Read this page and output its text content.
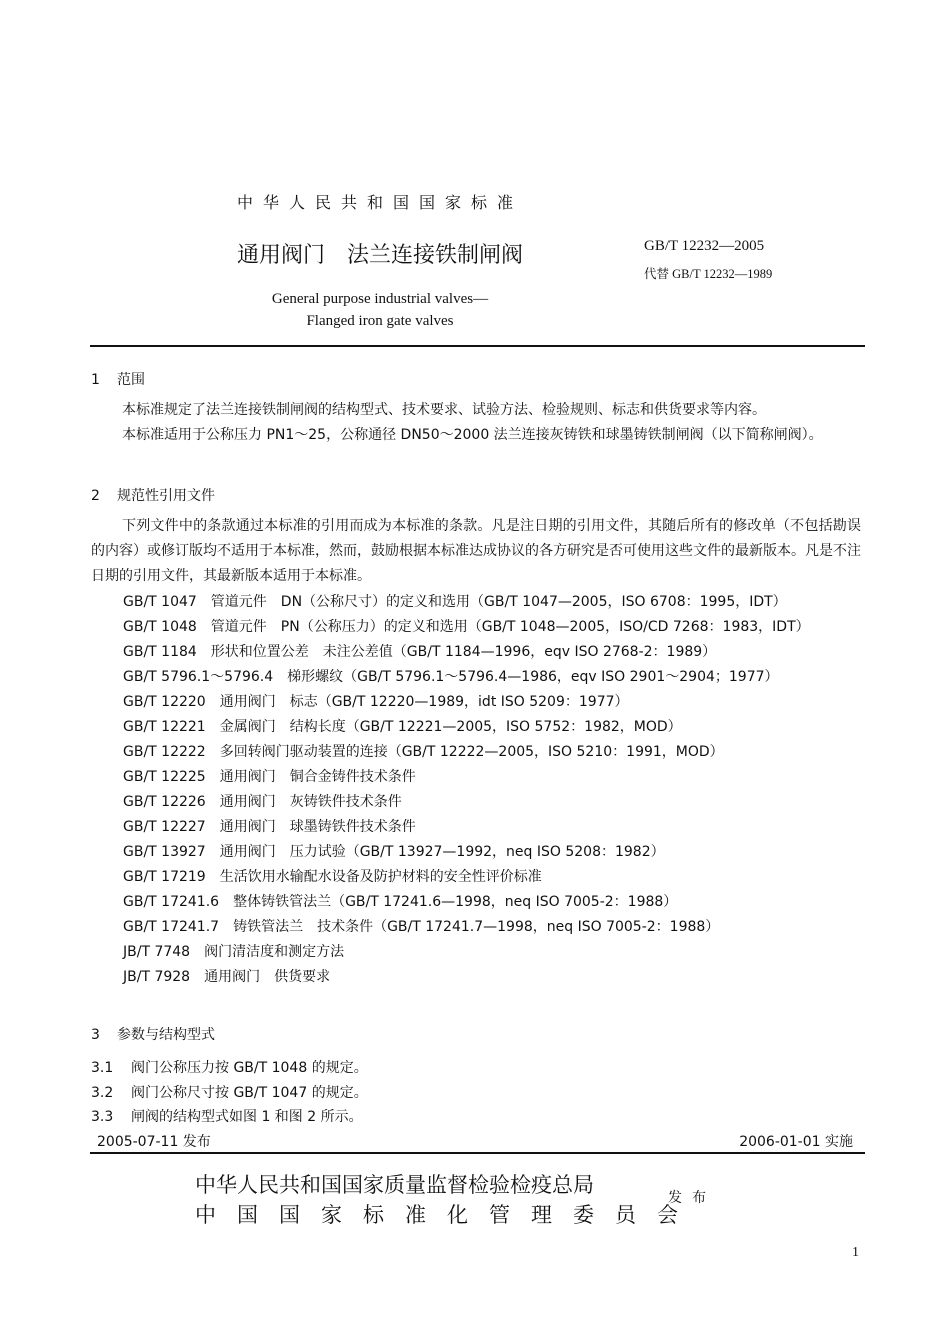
中华人民共和国国家标准
通用阀门　法兰连接铁制闸阀	GB/T 12232—2005
代替 GB/T 12232—1989
General purpose industrial valves—
Flanged iron gate valves
1 范围

本标准规定了法兰连接铁制闸阀的结构型式、技术要求、试验方法、检验规则、标志和供货要求等内容。

本标准适用于公称压力 PN1～25，公称通径 DN50～2000 法兰连接灰铸铁和球墨铸铁制闸阀（以下简称闸阀）。

2 规范性引用文件

下列文件中的条款通过本标准的引用而成为本标准的条款。凡是注日期的引用文件，其随后所有的修改单（不包括勘误的内容）或修订版均不适用于本标准，然而，鼓励根据本标准达成协议的各方研究是否可使用这些文件的最新版本。凡是不注日期的引用文件，其最新版本适用于本标准。

GB/T 1047　管道元件　DN（公称尺寸）的定义和选用（GB/T 1047—2005，ISO 6708：1995，IDT）
GB/T 1048　管道元件　PN（公称压力）的定义和选用（GB/T 1048—2005，ISO/CD 7268：1983，IDT）
GB/T 1184　形状和位置公差　未注公差值（GB/T 1184—1996，eqv ISO 2768-2：1989）
GB/T 5796.1～5796.4　梯形螺纹（GB/T 5796.1～5796.4—1986，eqv ISO 2901～2904；1977）
GB/T 12220　通用阀门　标志（GB/T 12220—1989，idt ISO 5209：1977）
GB/T 12221　金属阀门　结构长度（GB/T 12221—2005，ISO 5752：1982，MOD）
GB/T 12222　多回转阀门驱动装置的连接（GB/T 12222—2005，ISO 5210：1991，MOD）
GB/T 12225　通用阀门　铜合金铸件技术条件
GB/T 12226　通用阀门　灰铸铁件技术条件
GB/T 12227　通用阀门　球墨铸铁件技术条件
GB/T 13927　通用阀门　压力试验（GB/T 13927—1992，neq ISO 5208：1982）
GB/T 17219　生活饮用水输配水设备及防护材料的安全性评价标准
GB/T 17241.6　整体铸铁管法兰（GB/T 17241.6—1998，neq ISO 7005-2：1988）
GB/T 17241.7　铸铁管法兰　技术条件（GB/T 17241.7—1998，neq ISO 7005-2：1988）
JB/T 7748　阀门清洁度和测定方法
JB/T 7928　通用阀门　供货要求
3 参数与结构型式
3.1 阀门公称压力按 GB/T 1048 的规定。
3.2 阀门公称尺寸按 GB/T 1047 的规定。
3.3 闸阀的结构型式如图 1 和图 2 所示。
2005-07-11 发布	2006-01-01 实施
中华人民共和国国家质量监督检验检疫总局
中　国　国　家　标　准　化　管　理　委　员　会
发布
1
